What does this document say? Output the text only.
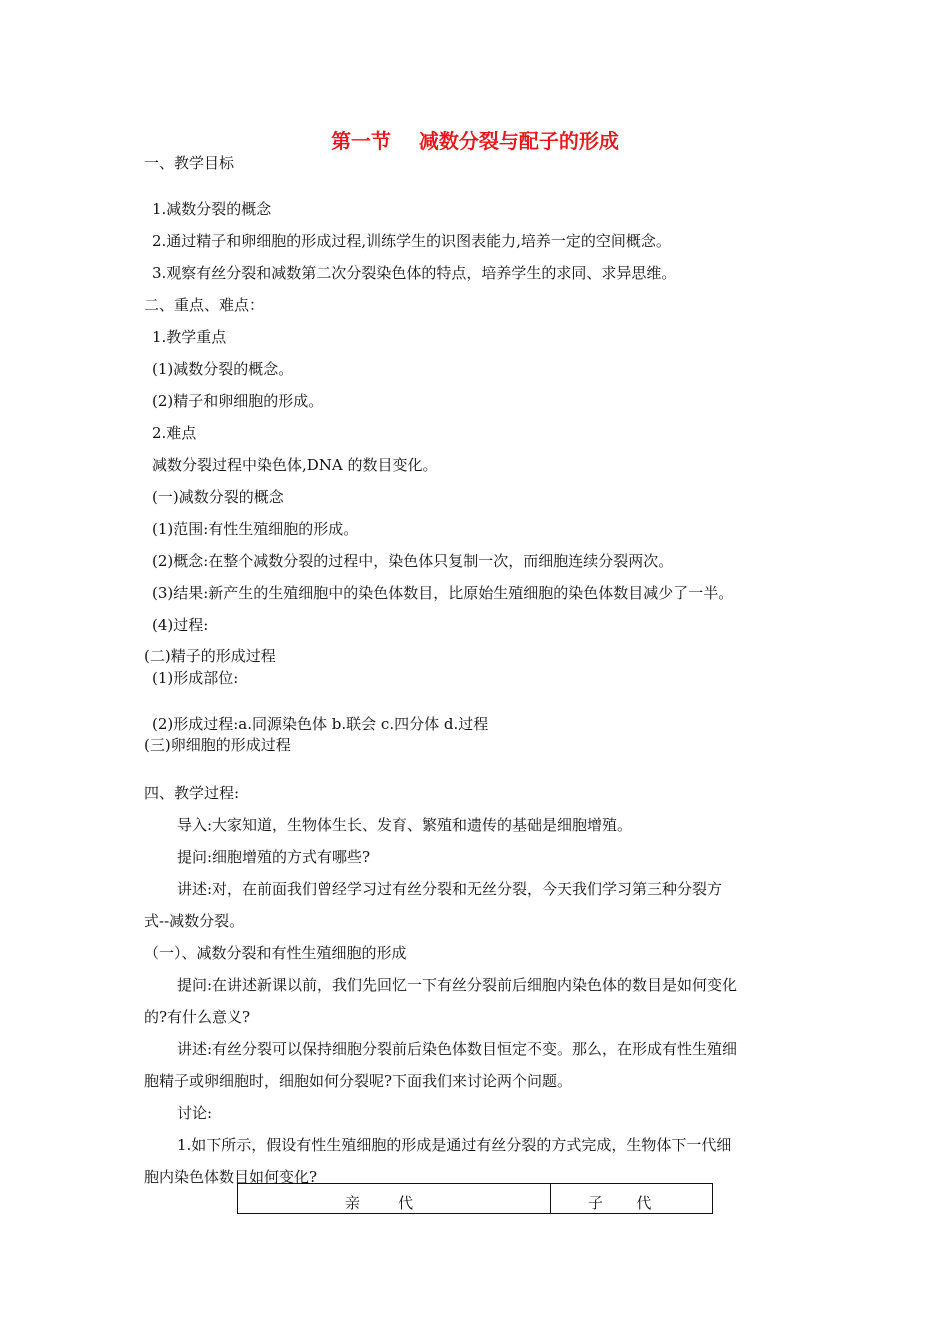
第一节    减数分裂与配子的形成
一、教学目标
1.减数分裂的概念
2.通过精子和卵细胞的形成过程,训练学生的识图表能力,培养一定的空间概念。
3.观察有丝分裂和减数第二次分裂染色体的特点，培养学生的求同、求异思维。
二、重点、难点：
1.教学重点
(1)减数分裂的概念。
(2)精子和卵细胞的形成。
2.难点
减数分裂过程中染色体,DNA 的数目变化。
(一)减数分裂的概念
(1)范围:有性生殖细胞的形成。
(2)概念:在整个减数分裂的过程中，染色体只复制一次，而细胞连续分裂两次。
(3)结果:新产生的生殖细胞中的染色体数目，比原始生殖细胞的染色体数目减少了一半。
(4)过程:
(二)精子的形成过程
(1)形成部位:
(2)形成过程:a.同源染色体 b.联会 c.四分体 d.过程
(三)卵细胞的形成过程
四、教学过程:
导入:大家知道，生物体生长、发育、繁殖和遗传的基础是细胞增殖。
提问:细胞增殖的方式有哪些?
讲述:对，在前面我们曾经学习过有丝分裂和无丝分裂，今天我们学习第三种分裂方
式--减数分裂。
（一）、减数分裂和有性生殖细胞的形成
提问:在讲述新课以前，我们先回忆一下有丝分裂前后细胞内染色体的数目是如何变化
的?有什么意义?
讲述:有丝分裂可以保持细胞分裂前后染色体数目恒定不变。那么，在形成有性生殖细
胞精子或卵细胞时，细胞如何分裂呢?下面我们来讨论两个问题。
讨论:
1.如下所示，假设有性生殖细胞的形成是通过有丝分裂的方式完成，生物体下一代细
胞内染色体数目如何变化?
亲        代	子       代
